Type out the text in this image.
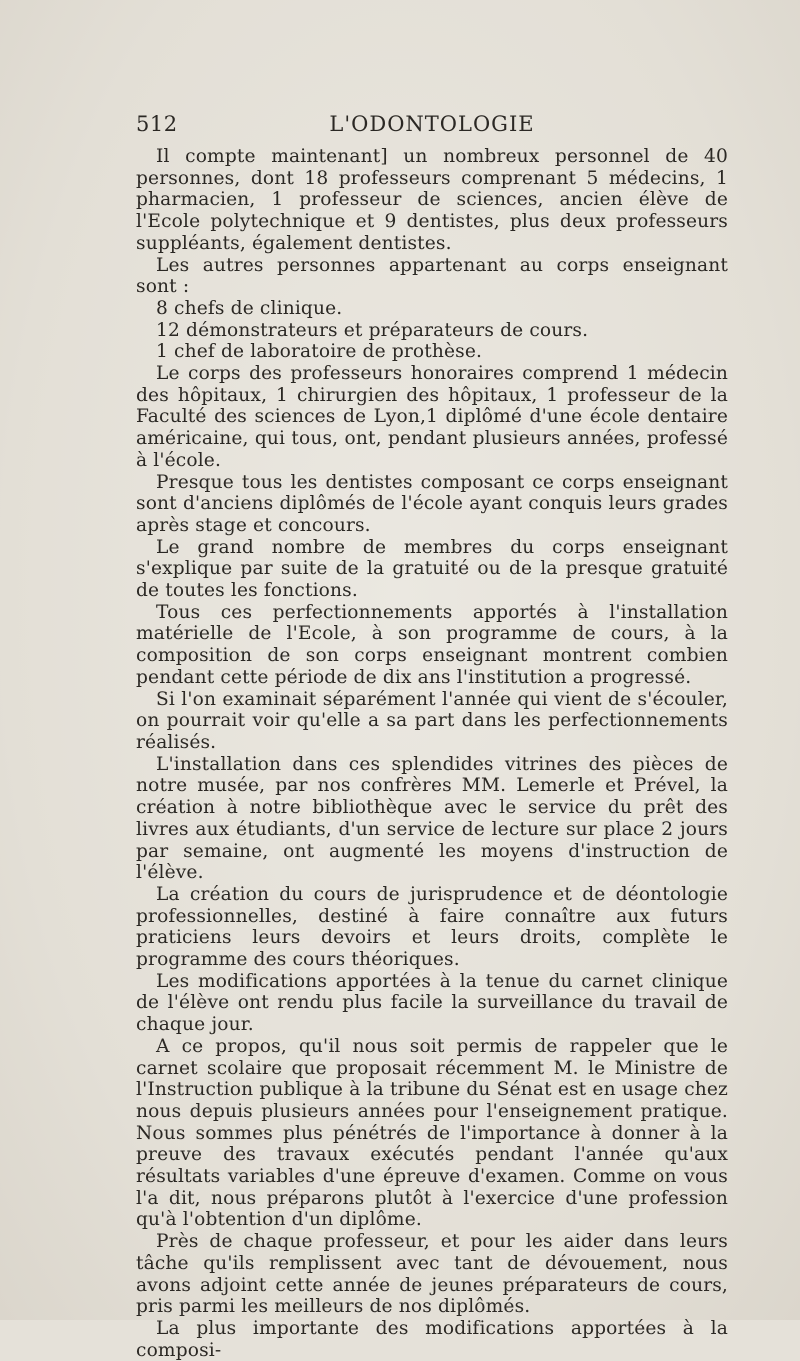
512	L'ODONTOLOGIE

Il compte maintenant] un nombreux personnel de 40 personnes, dont 18 professeurs comprenant 5 médecins, 1 pharmacien, 1 professeur de sciences, ancien élève de l'Ecole polytechnique et 9 dentistes, plus deux professeurs suppléants, également dentistes.

Les autres personnes appartenant au corps enseignant sont :

8 chefs de clinique.

12 démonstrateurs et préparateurs de cours.

1 chef de laboratoire de prothèse.

Le corps des professeurs honoraires comprend 1 médecin des hôpitaux, 1 chirurgien des hôpitaux, 1 professeur de la Faculté des sciences de Lyon,1 diplômé d'une école dentaire américaine, qui tous, ont, pendant plusieurs années, professé à l'école.

Presque tous les dentistes composant ce corps enseignant sont d'anciens diplômés de l'école ayant conquis leurs grades après stage et concours.

Le grand nombre de membres du corps enseignant s'explique par suite de la gratuité ou de la presque gratuité de toutes les fonctions.

Tous ces perfectionnements apportés à l'installation matérielle de l'Ecole, à son programme de cours, à la composition de son corps enseignant montrent combien pendant cette période de dix ans l'institution a progressé.

Si l'on examinait séparément l'année qui vient de s'écouler, on pourrait voir qu'elle a sa part dans les perfectionnements réalisés.

L'installation dans ces splendides vitrines des pièces de notre musée, par nos confrères MM. Lemerle et Prével, la création à notre bibliothèque avec le service du prêt des livres aux étudiants, d'un service de lecture sur place 2 jours par semaine, ont augmenté les moyens d'instruction de l'élève.

La création du cours de jurisprudence et de déontologie professionnelles, destiné à faire connaître aux futurs praticiens leurs devoirs et leurs droits, complète le programme des cours théoriques.

Les modifications apportées à la tenue du carnet clinique de l'élève ont rendu plus facile la surveillance du travail de chaque jour.

A ce propos, qu'il nous soit permis de rappeler que le carnet scolaire que proposait récemment M. le Ministre de l'Instruction publique à la tribune du Sénat est en usage chez nous depuis plusieurs années pour l'enseignement pratique. Nous sommes plus pénétrés de l'importance à donner à la preuve des travaux exécutés pendant l'année qu'aux résultats variables d'une épreuve d'examen. Comme on vous l'a dit, nous préparons plutôt à l'exercice d'une profession qu'à l'obtention d'un diplôme.

Près de chaque professeur, et pour les aider dans leurs tâche qu'ils remplissent avec tant de dévouement, nous avons adjoint cette année de jeunes préparateurs de cours, pris parmi les meilleurs de nos diplômés.

La plus importante des modifications apportées à la composi-
